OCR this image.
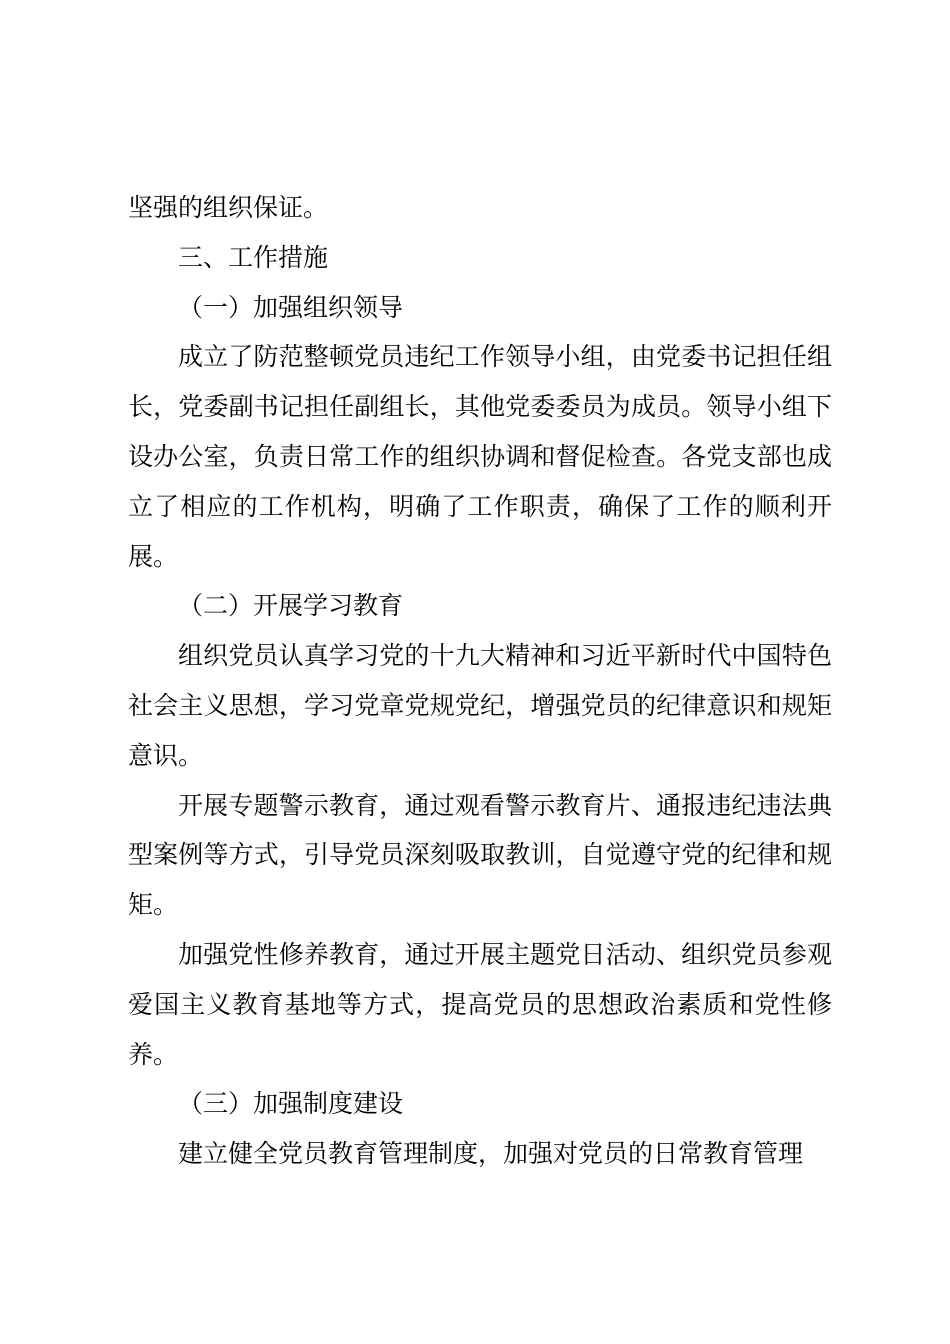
坚强的组织保证。

三、工作措施

（一）加强组织领导

成立了防范整顿党员违纪工作领导小组，由党委书记担任组长，党委副书记担任副组长，其他党委委员为成员。领导小组下设办公室，负责日常工作的组织协调和督促检查。各党支部也成立了相应的工作机构，明确了工作职责，确保了工作的顺利开展。

（二）开展学习教育

组织党员认真学习党的十九大精神和习近平新时代中国特色社会主义思想，学习党章党规党纪，增强党员的纪律意识和规矩意识。

开展专题警示教育，通过观看警示教育片、通报违纪违法典型案例等方式，引导党员深刻吸取教训，自觉遵守党的纪律和规矩。

加强党性修养教育，通过开展主题党日活动、组织党员参观爱国主义教育基地等方式，提高党员的思想政治素质和党性修养。

（三）加强制度建设

建立健全党员教育管理制度，加强对党员的日常教育管理
